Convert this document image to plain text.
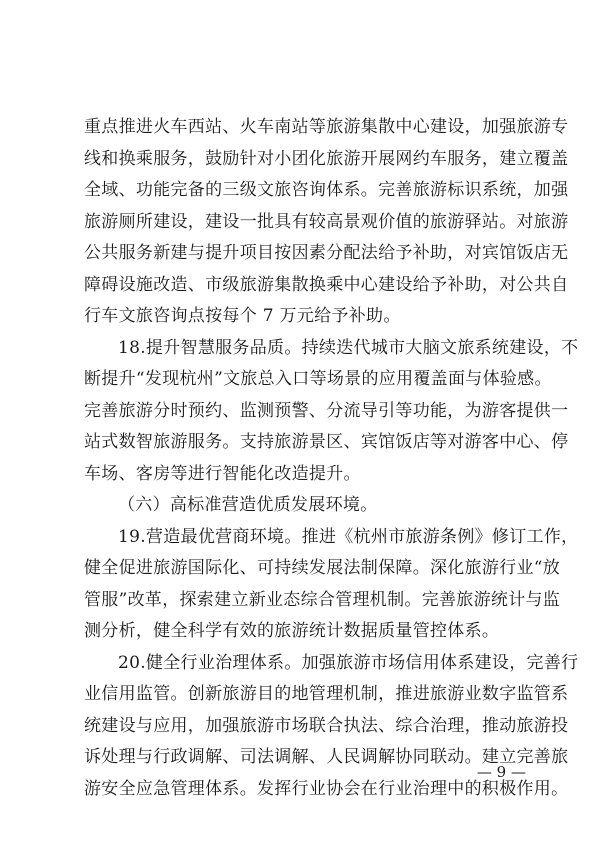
重点推进火车西站、火车南站等旅游集散中心建设，加强旅游专
线和换乘服务，鼓励针对小团化旅游开展网约车服务，建立覆盖
全域、功能完备的三级文旅咨询体系。完善旅游标识系统，加强
旅游厕所建设，建设一批具有较高景观价值的旅游驿站。对旅游
公共服务新建与提升项目按因素分配法给予补助，对宾馆饭店无
障碍设施改造、市级旅游集散换乘中心建设给予补助，对公共自
行车文旅咨询点按每个 7 万元给予补助。
18.提升智慧服务品质。持续迭代城市大脑文旅系统建设，不
断提升“发现杭州”文旅总入口等场景的应用覆盖面与体验感。
完善旅游分时预约、监测预警、分流导引等功能，为游客提供一
站式数智旅游服务。支持旅游景区、宾馆饭店等对游客中心、停
车场、客房等进行智能化改造提升。
（六）高标准营造优质发展环境。
19.营造最优营商环境。推进《杭州市旅游条例》修订工作，
健全促进旅游国际化、可持续发展法制保障。深化旅游行业“放
管服”改革，探索建立新业态综合管理机制。完善旅游统计与监
测分析，健全科学有效的旅游统计数据质量管控体系。
20.健全行业治理体系。加强旅游市场信用体系建设，完善行
业信用监管。创新旅游目的地管理机制，推进旅游业数字监管系
统建设与应用，加强旅游市场联合执法、综合治理，推动旅游投
诉处理与行政调解、司法调解、人民调解协同联动。建立完善旅
游安全应急管理体系。发挥行业协会在行业治理中的积极作用。
— 9 —
